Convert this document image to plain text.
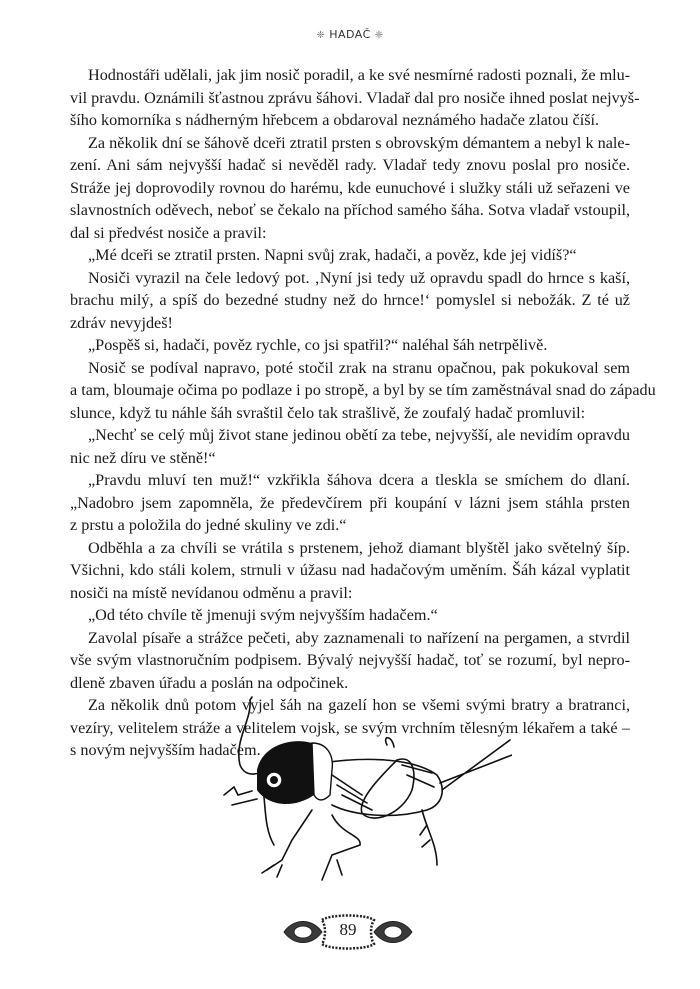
❈ HADAČ ❈
Hodnostáři udělali, jak jim nosič poradil, a ke své nesmírné radosti poznali, že mlu-
vil pravdu. Oznámili šťastnou zprávu šáhovi. Vladař dal pro nosiče ihned poslat nejvyš-
šího komorníka s nádherným hřebcem a obdaroval neznámého hadače zlatou číší.
Za několik dní se šáhově dceři ztratil prsten s obrovským démantem a nebyl k nale-
zení. Ani sám nejvyšší hadač si nevěděl rady. Vladař tedy znovu poslal pro nosiče.
Stráže jej doprovodily rovnou do harému, kde eunuchové i služky stáli už seřazeni ve
slavnostních oděvech, neboť se čekalo na příchod samého šáha. Sotva vladař vstoupil,
dal si předvést nosiče a pravil:
„Mé dceři se ztratil prsten. Napni svůj zrak, hadači, a pověz, kde jej vidíš?“
Nosiči vyrazil na čele ledový pot. ‚Nyní jsi tedy už opravdu spadl do hrnce s kaší,
brachu milý, a spíš do bezedné studny než do hrnce!‘ pomyslel si nebožák. Z té už
zdráv nevyjdeš!
„Pospěš si, hadači, pověz rychle, co jsi spatřil?“ naléhal šáh netrpělivě.
Nosič se podíval napravo, poté stočil zrak na stranu opačnou, pak pokukoval sem
a tam, bloumaje očima po podlaze i po stropě, a byl by se tím zaměstnával snad do západu
slunce, když tu náhle šáh svraštil čelo tak strašlivě, že zoufalý hadač promluvil:
„Nechť se celý můj život stane jedinou obětí za tebe, nejvyšší, ale nevidím opravdu
nic než díru ve stěně!“
„Pravdu mluví ten muž!“ vzkřikla šáhova dcera a tleskla se smíchem do dlaní.
„Nadobro jsem zapomněla, že předevčírem při koupání v lázni jsem stáhla prsten
z prstu a položila do jedné skuliny ve zdi.“
Odběhla a za chvíli se vrátila s prstenem, jehož diamant blyštěl jako světelný šíp.
Všichni, kdo stáli kolem, strnuli v úžasu nad hadačovým uměním. Šáh kázal vyplatit
nosiči na místě nevídanou odměnu a pravil:
„Od této chvíle tě jmenuji svým nejvyšším hadačem.“
Zavolal písaře a strážce pečeti, aby zaznamenali to nařízení na pergamen, a stvrdil
vše svým vlastnoručním podpisem. Bývalý nejvyšší hadač, toť se rozumí, byl nepro-
dleně zbaven úřadu a poslán na odpočinek.
Za několik dnů potom vyjel šáh na gazelí hon se všemi svými bratry a bratranci,
vezíry, velitelem stráže a velitelem vojsk, se svým vrchním tělesným lékařem a také –
s novým nejvyšším hadačem.
89
